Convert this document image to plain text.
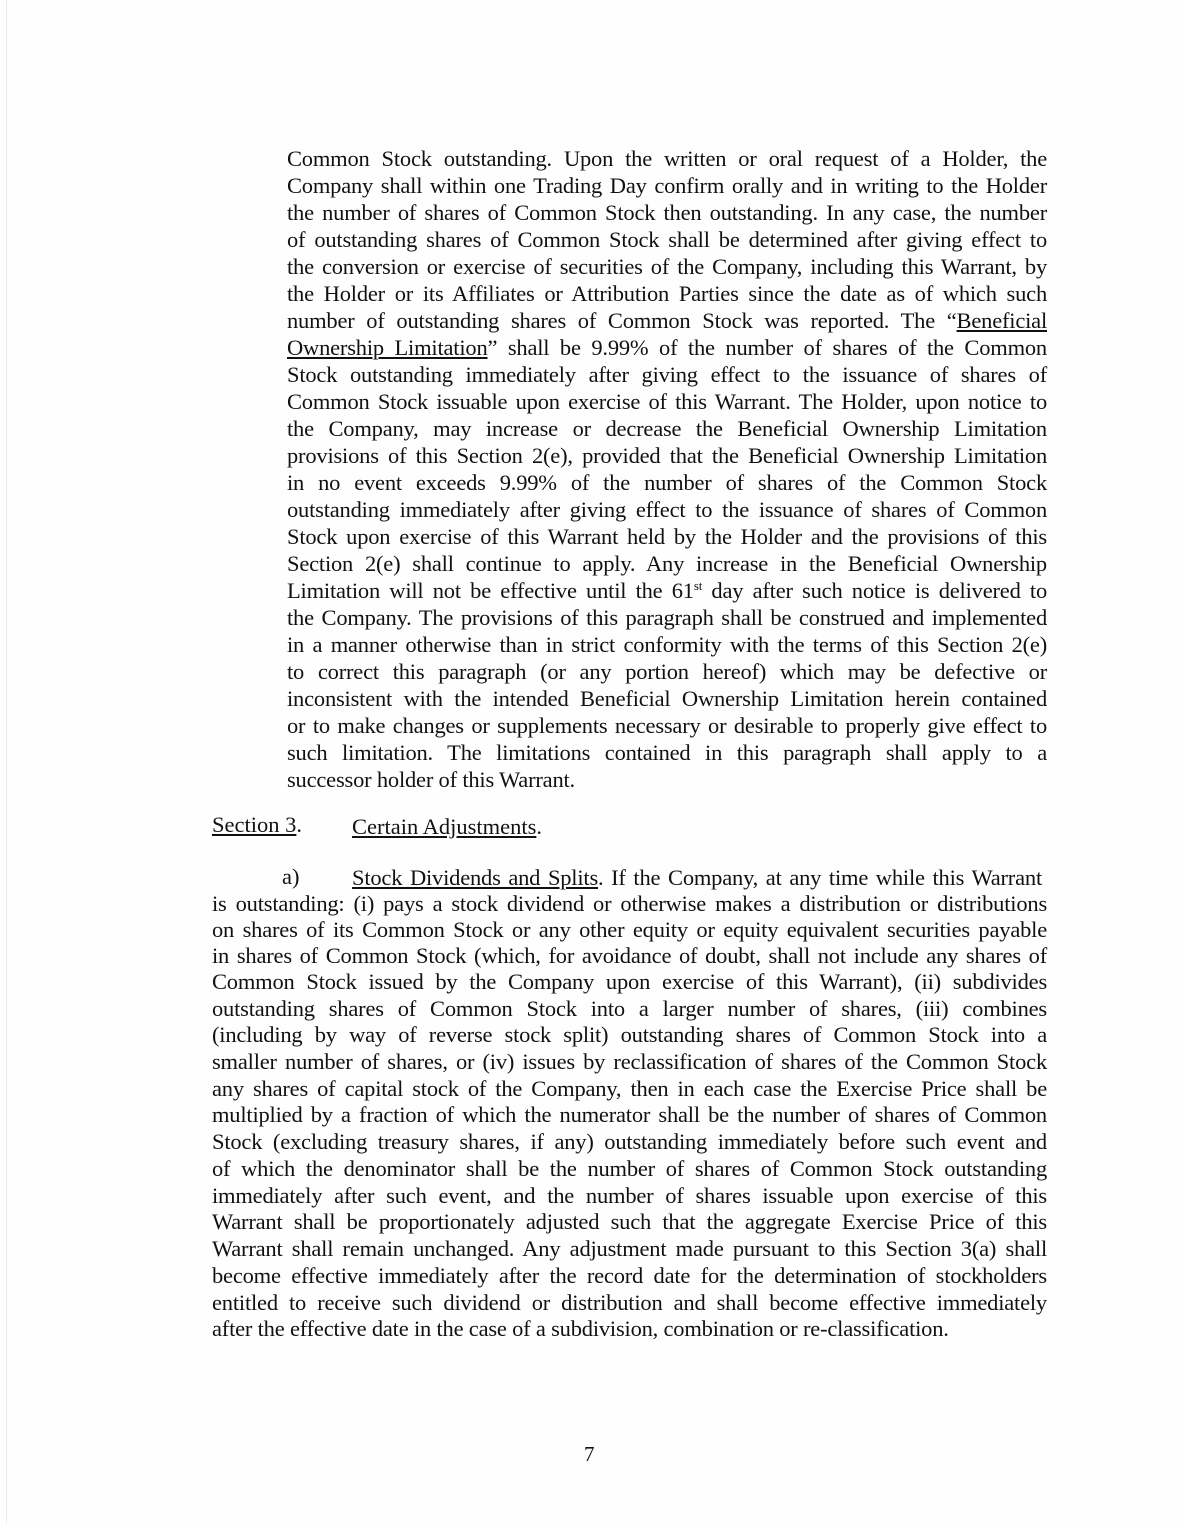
Common Stock outstanding. Upon the written or oral request of a Holder, the
Company shall within one Trading Day confirm orally and in writing to the Holder
the number of shares of Common Stock then outstanding. In any case, the number
of outstanding shares of Common Stock shall be determined after giving effect to
the conversion or exercise of securities of the Company, including this Warrant, by
the Holder or its Affiliates or Attribution Parties since the date as of which such
number of outstanding shares of Common Stock was reported. The “Beneficial
Ownership Limitation” shall be 9.99% of the number of shares of the Common
Stock outstanding immediately after giving effect to the issuance of shares of
Common Stock issuable upon exercise of this Warrant. The Holder, upon notice to
the Company, may increase or decrease the Beneficial Ownership Limitation
provisions of this Section 2(e), provided that the Beneficial Ownership Limitation
in no event exceeds 9.99% of the number of shares of the Common Stock
outstanding immediately after giving effect to the issuance of shares of Common
Stock upon exercise of this Warrant held by the Holder and the provisions of this
Section 2(e) shall continue to apply. Any increase in the Beneficial Ownership
Limitation will not be effective until the 61st day after such notice is delivered to
the Company. The provisions of this paragraph shall be construed and implemented
in a manner otherwise than in strict conformity with the terms of this Section 2(e)
to correct this paragraph (or any portion hereof) which may be defective or
inconsistent with the intended Beneficial Ownership Limitation herein contained
or to make changes or supplements necessary or desirable to properly give effect to
such limitation. The limitations contained in this paragraph shall apply to a
successor holder of this Warrant.
Section 3. Certain Adjustments.
a) Stock Dividends and Splits. If the Company, at any time while this Warrant
is outstanding: (i) pays a stock dividend or otherwise makes a distribution or distributions
on shares of its Common Stock or any other equity or equity equivalent securities payable
in shares of Common Stock (which, for avoidance of doubt, shall not include any shares of
Common Stock issued by the Company upon exercise of this Warrant), (ii) subdivides
outstanding shares of Common Stock into a larger number of shares, (iii) combines
(including by way of reverse stock split) outstanding shares of Common Stock into a
smaller number of shares, or (iv) issues by reclassification of shares of the Common Stock
any shares of capital stock of the Company, then in each case the Exercise Price shall be
multiplied by a fraction of which the numerator shall be the number of shares of Common
Stock (excluding treasury shares, if any) outstanding immediately before such event and
of which the denominator shall be the number of shares of Common Stock outstanding
immediately after such event, and the number of shares issuable upon exercise of this
Warrant shall be proportionately adjusted such that the aggregate Exercise Price of this
Warrant shall remain unchanged. Any adjustment made pursuant to this Section 3(a) shall
become effective immediately after the record date for the determination of stockholders
entitled to receive such dividend or distribution and shall become effective immediately
after the effective date in the case of a subdivision, combination or re-classification.
7
